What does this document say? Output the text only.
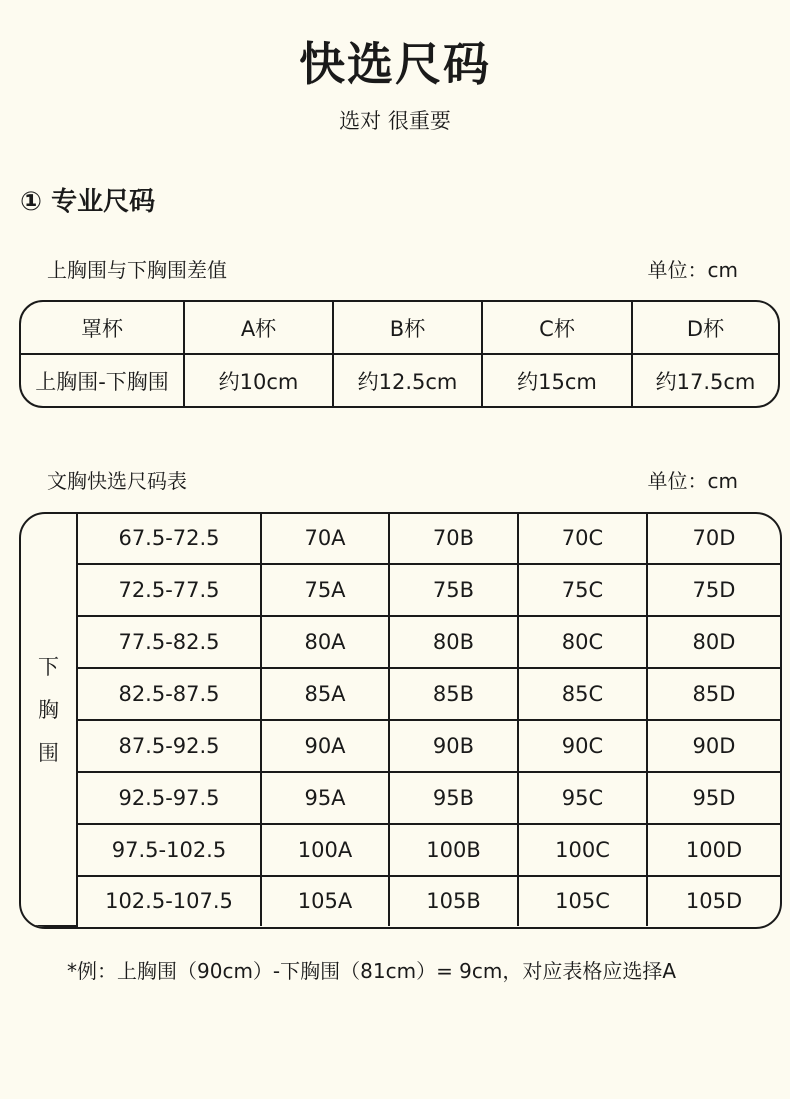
快选尺码
选对 很重要
① 专业尺码
上胸围与下胸围差值	单位：cm
罩杯	A杯	B杯	C杯	D杯
上胸围-下胸围	约10cm	约12.5cm	约15cm	约17.5cm
文胸快选尺码表	单位：cm
下
胸
围	67.5-72.5	70A	70B	70C	70D
	72.5-77.5	75A	75B	75C	75D
	77.5-82.5	80A	80B	80C	80D
	82.5-87.5	85A	85B	85C	85D
	87.5-92.5	90A	90B	90C	90D
	92.5-97.5	95A	95B	95C	95D
	97.5-102.5	100A	100B	100C	100D
	102.5-107.5	105A	105B	105C	105D
*例：上胸围（90cm）-下胸围（81cm）= 9cm，对应表格应选择A
